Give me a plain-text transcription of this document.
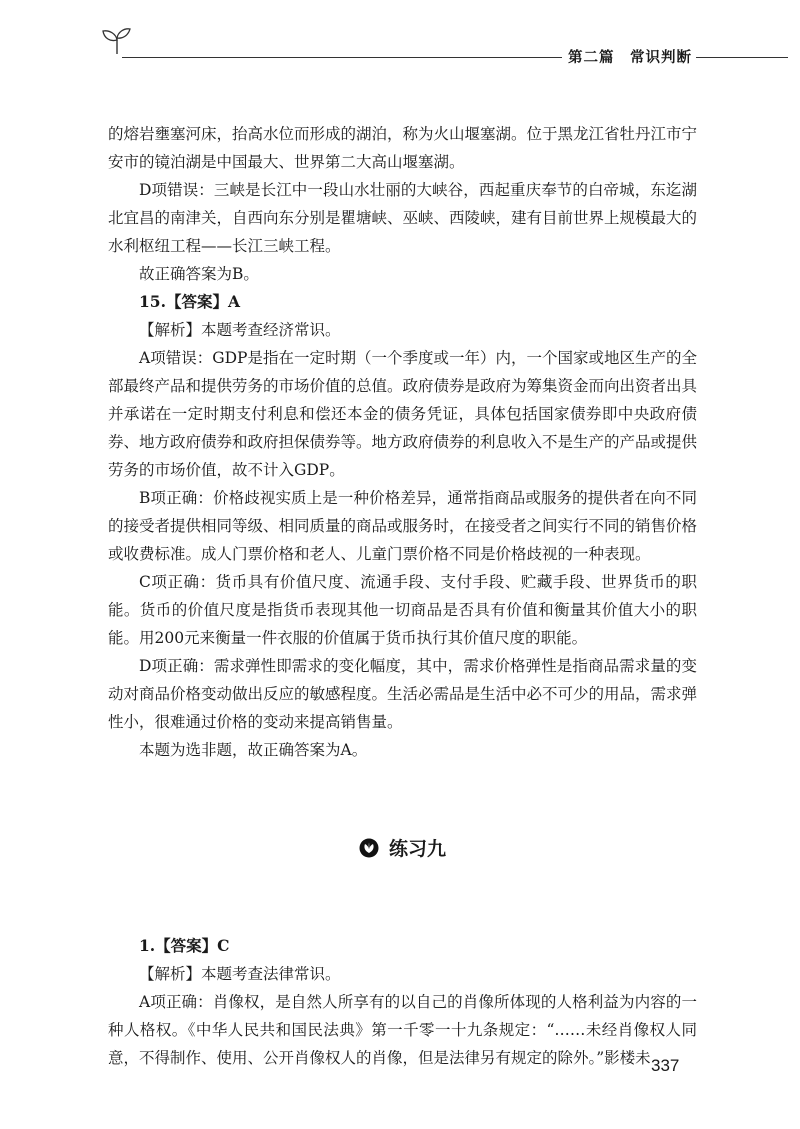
第二篇　常识判断

的熔岩壅塞河床，抬高水位而形成的湖泊，称为火山堰塞湖。位于黑龙江省牡丹江市宁安市的镜泊湖是中国最大、世界第二大高山堰塞湖。

D项错误：三峡是长江中一段山水壮丽的大峡谷，西起重庆奉节的白帝城，东迄湖北宜昌的南津关，自西向东分别是瞿塘峡、巫峡、西陵峡，建有目前世界上规模最大的水利枢纽工程——长江三峡工程。

故正确答案为B。

15.【答案】A

【解析】本题考查经济常识。

A项错误：GDP是指在一定时期（一个季度或一年）内，一个国家或地区生产的全部最终产品和提供劳务的市场价值的总值。政府债券是政府为筹集资金而向出资者出具并承诺在一定时期支付利息和偿还本金的债务凭证，具体包括国家债券即中央政府债券、地方政府债券和政府担保债券等。地方政府债券的利息收入不是生产的产品或提供劳务的市场价值，故不计入GDP。

B项正确：价格歧视实质上是一种价格差异，通常指商品或服务的提供者在向不同的接受者提供相同等级、相同质量的商品或服务时，在接受者之间实行不同的销售价格或收费标准。成人门票价格和老人、儿童门票价格不同是价格歧视的一种表现。

C项正确：货币具有价值尺度、流通手段、支付手段、贮藏手段、世界货币的职能。货币的价值尺度是指货币表现其他一切商品是否具有价值和衡量其价值大小的职能。用200元来衡量一件衣服的价值属于货币执行其价值尺度的职能。

D项正确：需求弹性即需求的变化幅度，其中，需求价格弹性是指商品需求量的变动对商品价格变动做出反应的敏感程度。生活必需品是生活中必不可少的用品，需求弹性小，很难通过价格的变动来提高销售量。

本题为选非题，故正确答案为A。

练习九

1.【答案】C

【解析】本题考查法律常识。

A项正确：肖像权，是自然人所享有的以自己的肖像所体现的人格利益为内容的一种人格权。《中华人民共和国民法典》第一千零一十九条规定：“……未经肖像权人同意，不得制作、使用、公开肖像权人的肖像，但是法律另有规定的除外。”影楼未 337
